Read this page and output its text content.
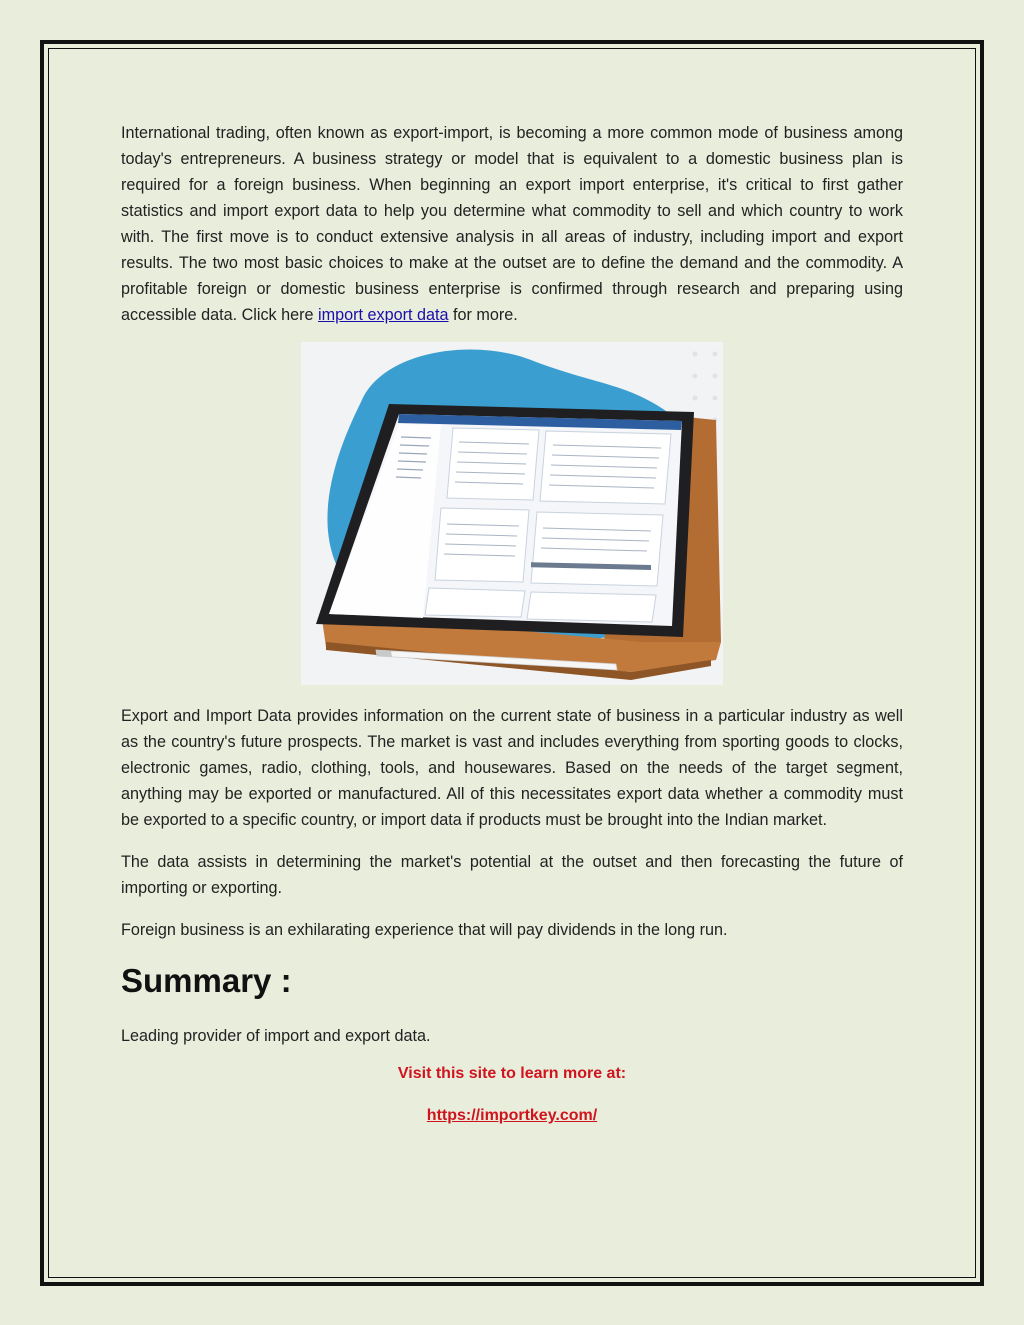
International trading, often known as export-import, is becoming a more common mode of business among today's entrepreneurs. A business strategy or model that is equivalent to a domestic business plan is required for a foreign business. When beginning an export import enterprise, it's critical to first gather statistics and import export data to help you determine what commodity to sell and which country to work with. The first move is to conduct extensive analysis in all areas of industry, including import and export results. The two most basic choices to make at the outset are to define the demand and the commodity. A profitable foreign or domestic business enterprise is confirmed through research and preparing using accessible data. Click here import export data for more.

Export and Import Data provides information on the current state of business in a particular industry as well as the country's future prospects. The market is vast and includes everything from sporting goods to clocks, electronic games, radio, clothing, tools, and housewares. Based on the needs of the target segment, anything may be exported or manufactured. All of this necessitates export data whether a commodity must be exported to a specific country, or import data if products must be brought into the Indian market.

The data assists in determining the market's potential at the outset and then forecasting the future of importing or exporting.

Foreign business is an exhilarating experience that will pay dividends in the long run.

Summary :

Leading provider of import and export data.

Visit this site to learn more at:

https://importkey.com/
